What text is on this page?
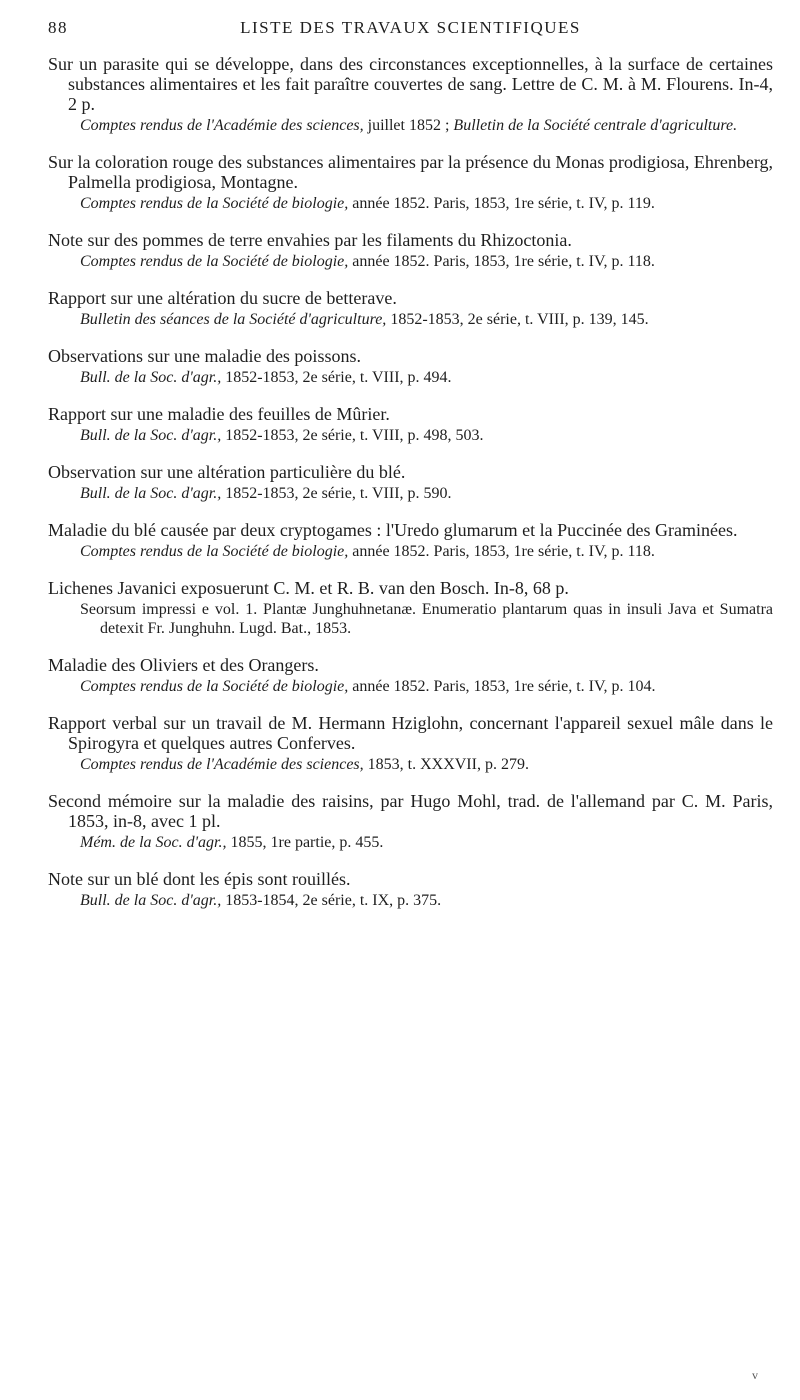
88	LISTE DES TRAVAUX SCIENTIFIQUES
Sur un parasite qui se développe, dans des circonstances exceptionnelles, à la surface de certaines substances alimentaires et les fait paraître couvertes de sang. Lettre de C. M. à M. Flourens. In-4, 2 p.
Comptes rendus de l'Académie des sciences, juillet 1852 ; Bulletin de la Société centrale d'agriculture.
Sur la coloration rouge des substances alimentaires par la présence du Monas prodigiosa, Ehrenberg, Palmella prodigiosa, Montagne.
Comptes rendus de la Société de biologie, année 1852. Paris, 1853, 1re série, t. IV, p. 119.
Note sur des pommes de terre envahies par les filaments du Rhizoctonia.
Comptes rendus de la Société de biologie, année 1852. Paris, 1853, 1re série, t. IV, p. 118.
Rapport sur une altération du sucre de betterave.
Bulletin des séances de la Société d'agriculture, 1852-1853, 2e série, t. VIII, p. 139, 145.
Observations sur une maladie des poissons.
Bull. de la Soc. d'agr., 1852-1853, 2e série, t. VIII, p. 494.
Rapport sur une maladie des feuilles de Mûrier.
Bull. de la Soc. d'agr., 1852-1853, 2e série, t. VIII, p. 498, 503.
Observation sur une altération particulière du blé.
Bull. de la Soc. d'agr., 1852-1853, 2e série, t. VIII, p. 590.
Maladie du blé causée par deux cryptogames : l'Uredo glumarum et la Puccinée des Graminées.
Comptes rendus de la Société de biologie, année 1852. Paris, 1853, 1re série, t. IV, p. 118.
Lichenes Javanici exposuerunt C. M. et R. B. van den Bosch. In-8, 68 p.
Seorsum impressi e vol. 1. Plantæ Junghuhnetanæ. Enumeratio plantarum quas in insuli Java et Sumatra detexit Fr. Junghuhn. Lugd. Bat., 1853.
Maladie des Oliviers et des Orangers.
Comptes rendus de la Société de biologie, année 1852. Paris, 1853, 1re série, t. IV, p. 104.
Rapport verbal sur un travail de M. Hermann Hziglohn, concernant l'appareil sexuel mâle dans le Spirogyra et quelques autres Conferves.
Comptes rendus de l'Académie des sciences, 1853, t. XXXVII, p. 279.
Second mémoire sur la maladie des raisins, par Hugo Mohl, trad. de l'allemand par C. M. Paris, 1853, in-8, avec 1 pl.
Mém. de la Soc. d'agr., 1855, 1re partie, p. 455.
Note sur un blé dont les épis sont rouillés.
Bull. de la Soc. d'agr., 1853-1854, 2e série, t. IX, p. 375.
v
